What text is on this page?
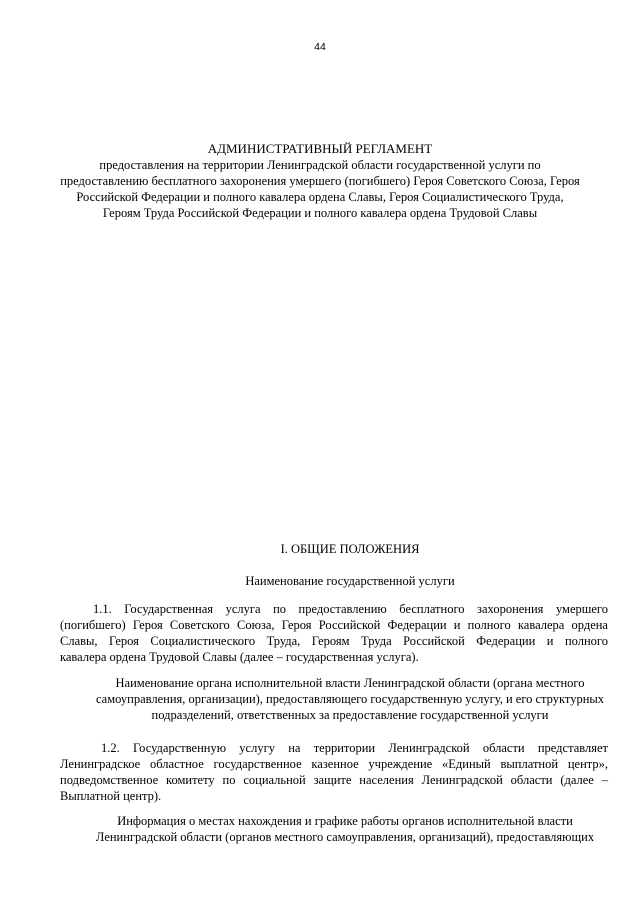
44
АДМИНИСТРАТИВНЫЙ РЕГЛАМЕНТ
предоставления на территории Ленинградской области государственной услуги по
предоставлению бесплатного захоронения умершего (погибшего) Героя Советского Союза, Героя
Российской Федерации и полного кавалера ордена Славы, Героя Социалистического Труда,
Героям Труда Российской Федерации и полного кавалера ордена Трудовой Славы
I. ОБЩИЕ ПОЛОЖЕНИЯ
Наименование государственной услуги
1.1. Государственная услуга по предоставлению бесплатного захоронения умершего
(погибшего) Героя Советского Союза, Героя Российской Федерации и полного кавалера ордена
Славы, Героя Социалистического Труда, Героям Труда Российской Федерации и полного
кавалера ордена Трудовой Славы (далее – государственная услуга).
Наименование органа исполнительной власти Ленинградской области (органа местного
самоуправления, организации), предоставляющего государственную услугу, и его структурных
подразделений, ответственных за предоставление государственной услуги
1.2. Государственную услугу на территории Ленинградской области представляет
Ленинградское областное государственное казенное учреждение «Единый выплатной центр»,
подведомственное комитету по социальной защите населения Ленинградской области (далее –
Выплатной центр).
Информация о местах нахождения и графике работы органов исполнительной власти
Ленинградской области (органов местного самоуправления, организаций), предоставляющих
